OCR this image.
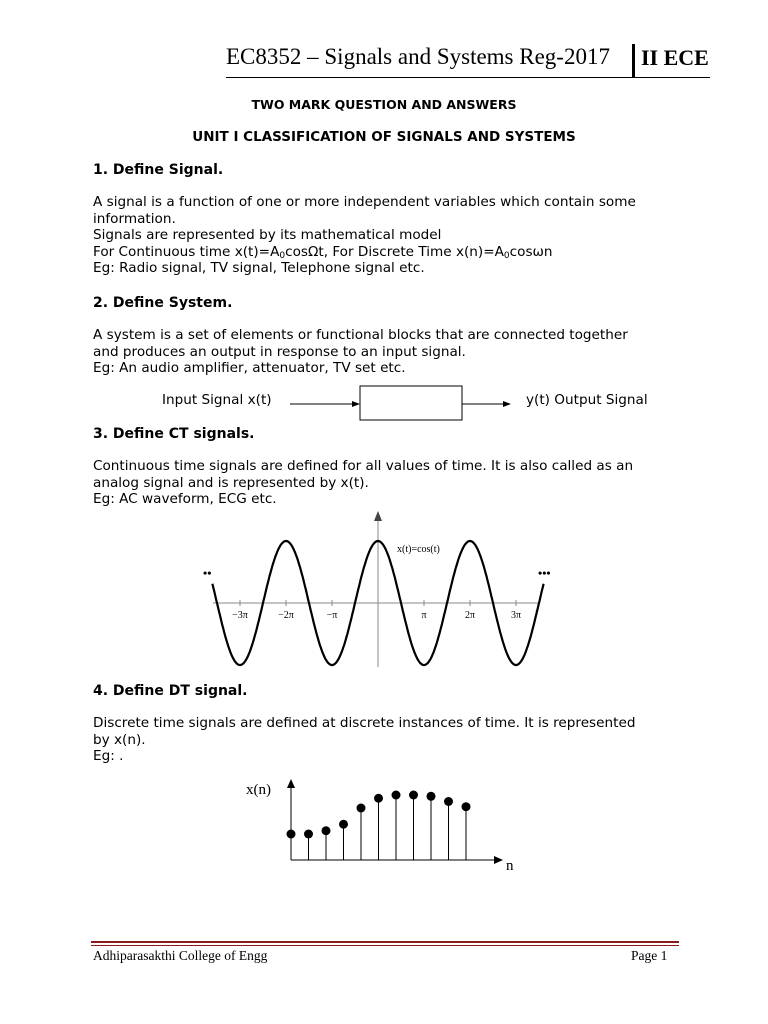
EC8352 – Signals and Systems Reg-2017 II ECE
TWO MARK QUESTION AND ANSWERS
UNIT I CLASSIFICATION OF SIGNALS AND SYSTEMS
1. Define Signal.
A signal is a function of one or more independent variables which contain some
information.
Signals are represented by its mathematical model
For Continuous time $x(t)=A_0\cos\Omega t$, For Discrete Time $x(n)=A_0\cos\omega n$
Eg: Radio signal, TV signal, Telephone signal etc.
2. Define System.
A system is a set of elements or functional blocks that are connected together
and produces an output in response to an input signal.
Eg: An audio amplifier, attenuator, TV set etc.
Input Signal x(t)	y(t) Output Signal
3. Define CT signals.
Continuous time signals are defined for all values of time. It is also called as an
analog signal and is represented by x(t).
Eg: AC waveform, ECG etc.
−3π	−2π	−π	π	2π	3π t
x(t)=cos(t)
••	•••
4. Define DT signal.
Discrete time signals are defined at discrete instances of time. It is represented
by x(n).
Eg: .
x(n)
n
Adhiparasakthi College of Engg	Page 1
